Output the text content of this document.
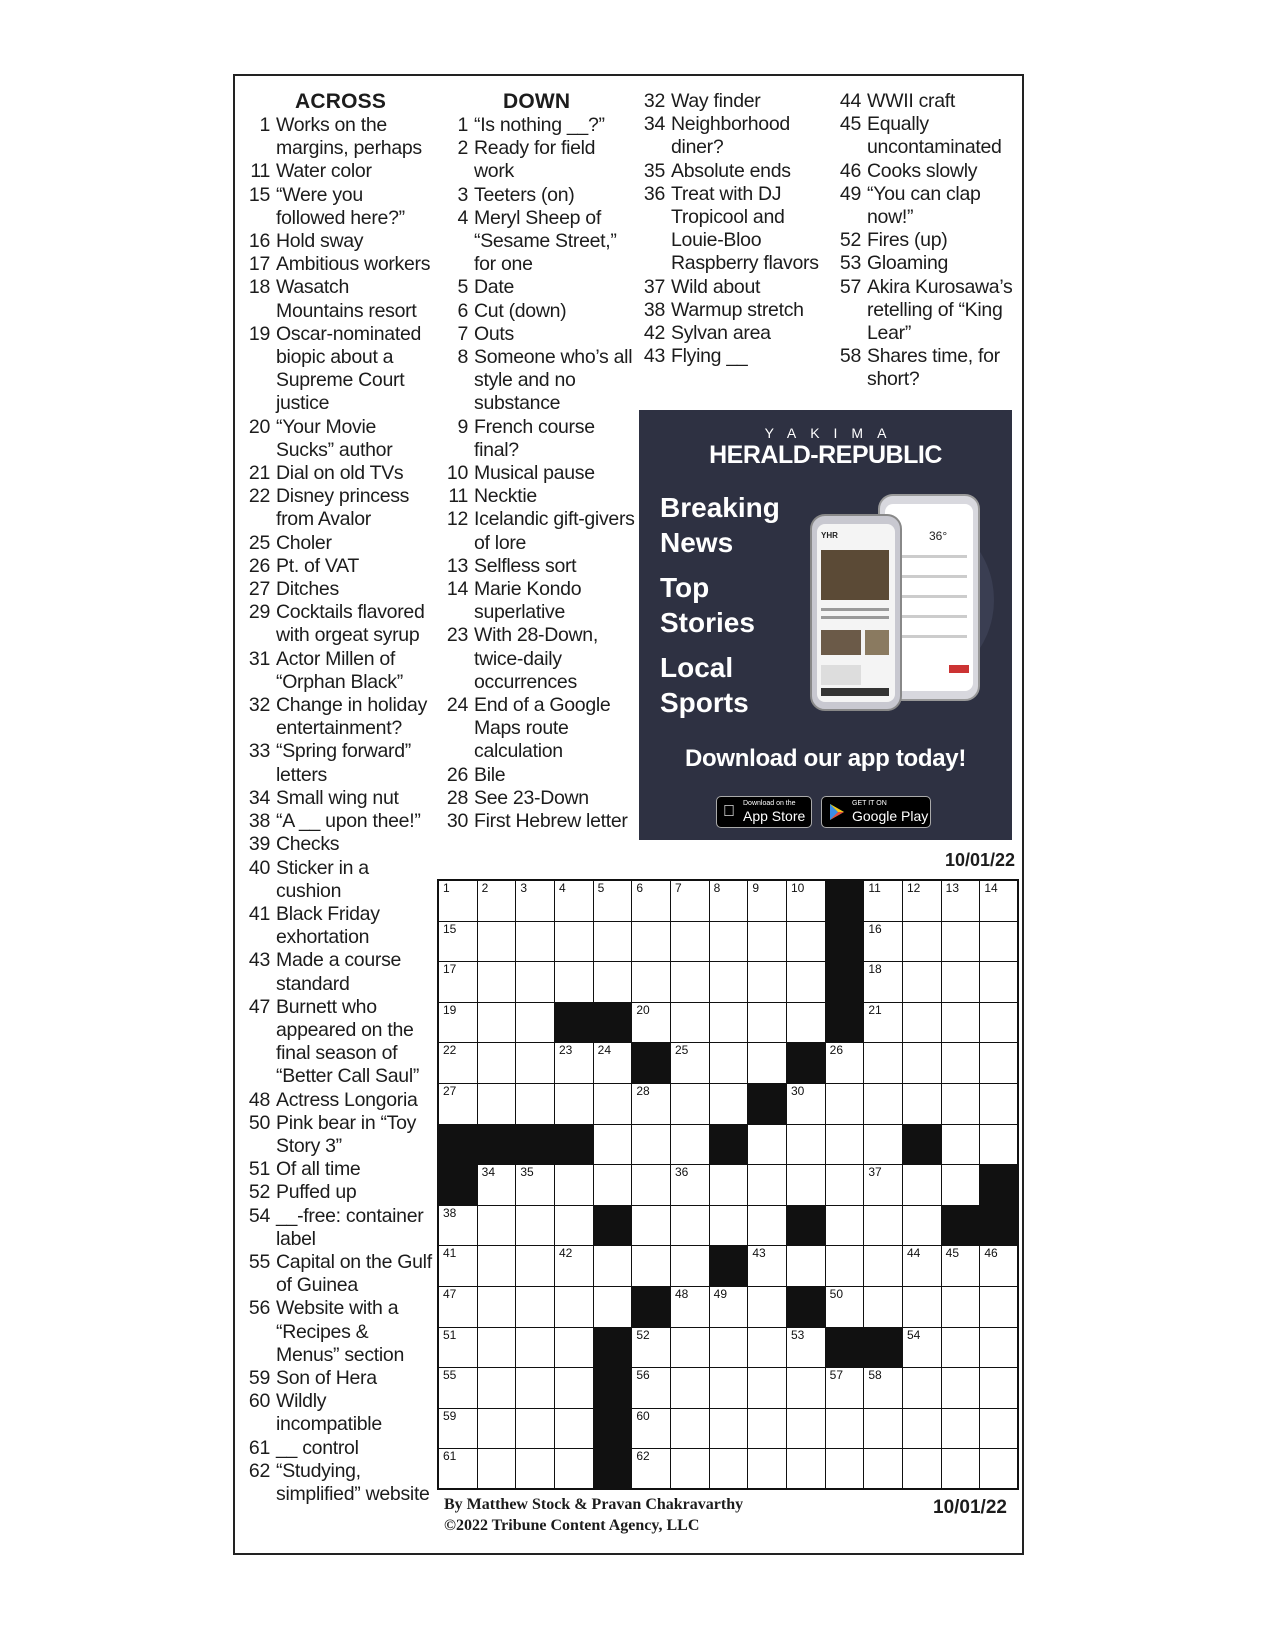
ACROSS
1 Works on the margins, perhaps
11 Water color
15 “Were you followed here?”
16 Hold sway
17 Ambitious workers
18 Wasatch Mountains resort
19 Oscar-nominated biopic about a Supreme Court justice
20 “Your Movie Sucks” author
21 Dial on old TVs
22 Disney princess from Avalor
25 Choler
26 Pt. of VAT
27 Ditches
29 Cocktails flavored with orgeat syrup
31 Actor Millen of “Orphan Black”
32 Change in holiday entertainment?
33 “Spring forward” letters
34 Small wing nut
38 “A __ upon thee!”
39 Checks
40 Sticker in a cushion
41 Black Friday exhortation
43 Made a course standard
47 Burnett who appeared on the final season of “Better Call Saul”
48 Actress Longoria
50 Pink bear in “Toy Story 3”
51 Of all time
52 Puffed up
54 __-free: container label
55 Capital on the Gulf of Guinea
56 Website with a “Recipes & Menus” section
59 Son of Hera
60 Wildly incompatible
61 __ control
62 “Studying, simplified” website
DOWN
1 “Is nothing __?”
2 Ready for field work
3 Teeters (on)
4 Meryl Sheep of “Sesame Street,” for one
5 Date
6 Cut (down)
7 Outs
8 Someone who’s all style and no substance
9 French course final?
10 Musical pause
11 Necktie
12 Icelandic gift-givers of lore
13 Selfless sort
14 Marie Kondo superlative
23 With 28-Down, twice-daily occurrences
24 End of a Google Maps route calculation
26 Bile
28 See 23-Down
30 First Hebrew letter
32 Way finder
34 Neighborhood diner?
35 Absolute ends
36 Treat with DJ Tropicool and Louie-Bloo Raspberry flavors
37 Wild about
38 Warmup stretch
42 Sylvan area
43 Flying __
44 WWII craft
45 Equally uncontaminated
46 Cooks slowly
49 “You can clap now!”
52 Fires (up)
53 Gloaming
57 Akira Kurosawa’s retelling of “King Lear”
58 Shares time, for short?
YAKIMA
HERALD-REPUBLIC
Breaking News
Top Stories
Local Sports
36°
YHR
Download our app today!
Download on the
App Store
GET IT ON
Google Play
10/01/22
1	2	3	4	5	6	7	8	9	10	11 12 13 14
15	16
17	18
19	20	21
22	23 24	25	26
27	28	30
34 35	36	37
38
41	42	43	44 45 46
47	48 49	50
51	52	53	54
55	56	57 58
59	60
61	62
By Matthew Stock & Pravan Chakravarthy
©2022 Tribune Content Agency, LLC
10/01/22
